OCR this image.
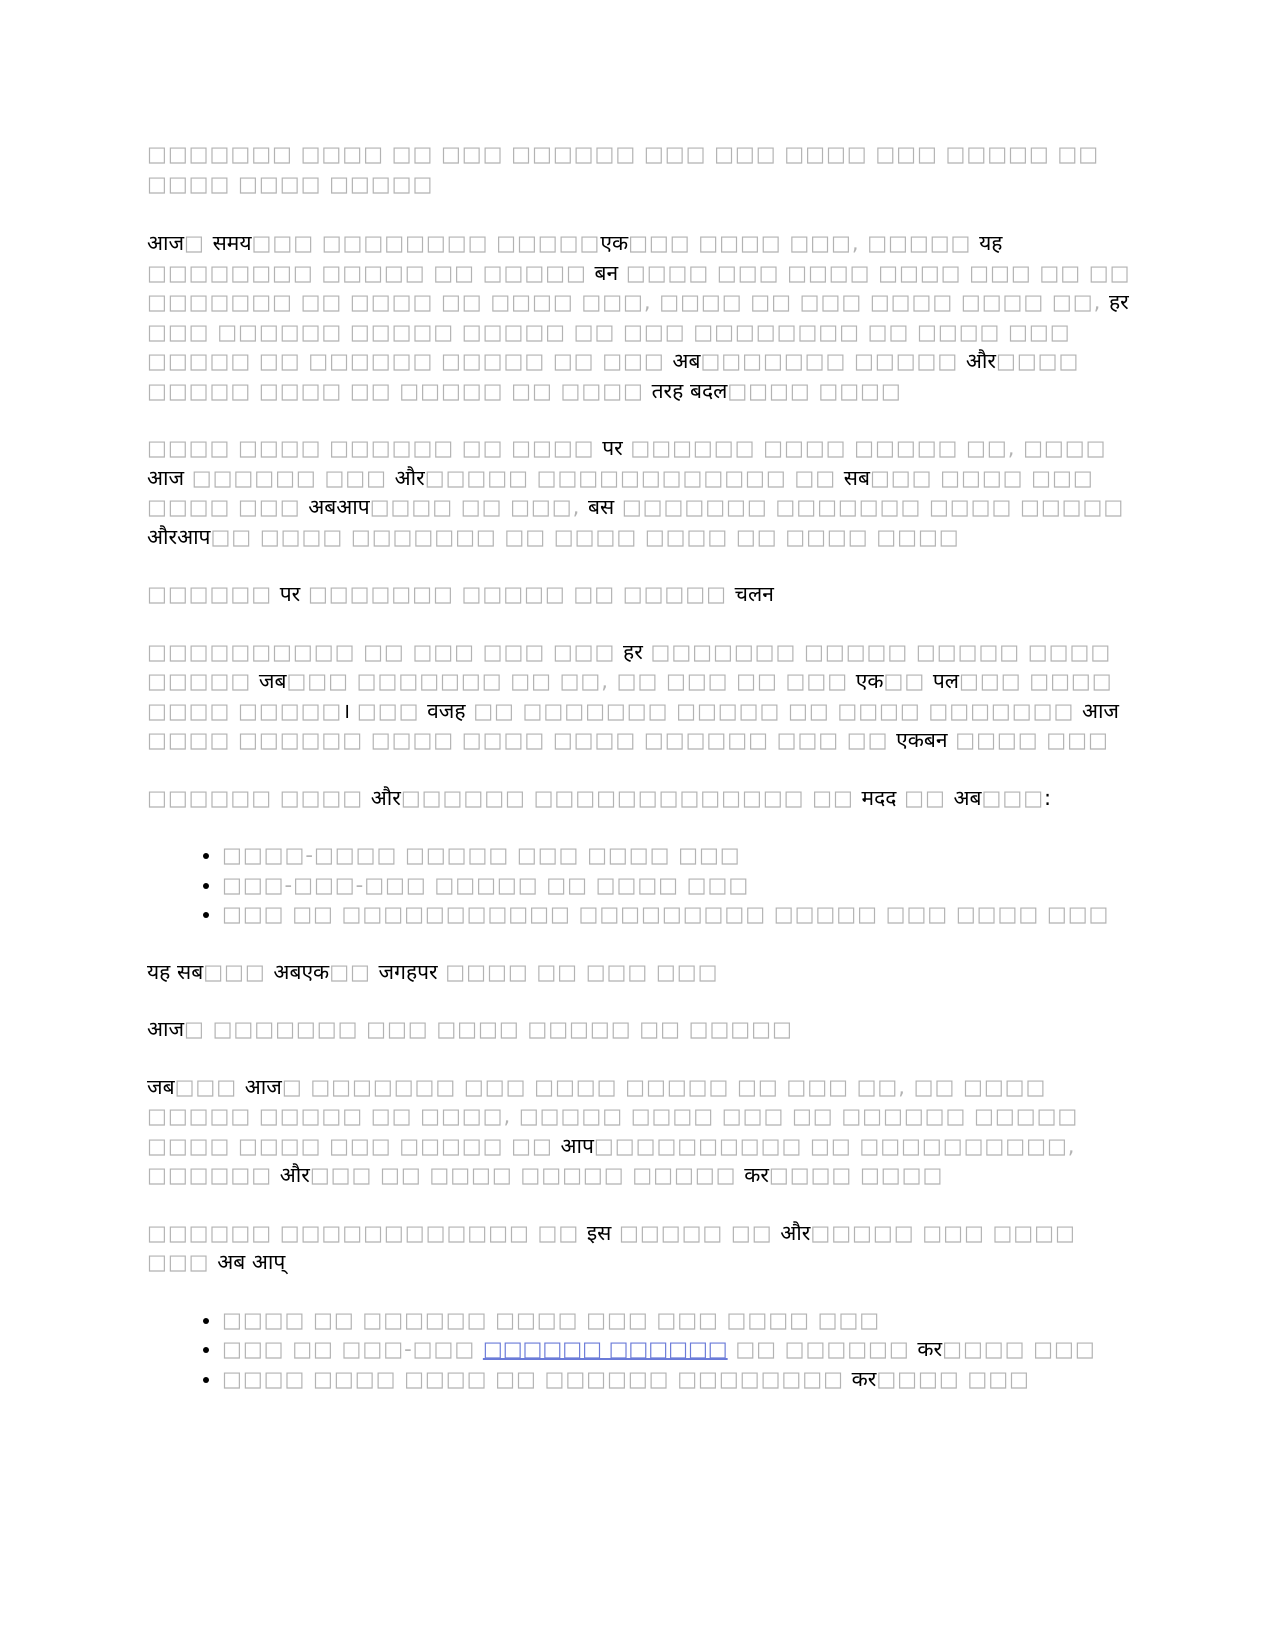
□□□□□□□ □□□□ □□ □□□ □□□□□□ □□□ □□□ □□□□ □□□ □□□□□ □□ □□□□ □□□□ □□□□□

आज□ समय□□□ □□□□□□□□ □□□□□एक□□□ □□□□ □□□, □□□□□ यह □□□□□□□□ □□□□□ □□ □□□□□ बन □□□□ □□□ □□□□ □□□□ □□□ □□ □□ □□□□□□□ □□ □□□□ □□ □□□□ □□□, □□□□ □□ □□□ □□□□ □□□□ □□, हर □□□ □□□□□□ □□□□□ □□□□□ □□ □□□ □□□□□□□□ □□ □□□□ □□□ □□□□□ □□ □□□□□□ □□□□□ □□ □□□ अब□□□□□□□ □□□□□ और□□□□ □□□□□ □□□□ □□ □□□□□ □□ □□□□ तरह बदल□□□□ □□□□

□□□□ □□□□ □□□□□□ □□ □□□□ पर □□□□□□ □□□□ □□□□□ □□, □□□□ आज □□□□□□ □□□ और□□□□□ □□□□□□□□□□□□ □□ सब□□□ □□□□ □□□ □□□□ □□□ अबआप□□□□ □□ □□□, बस □□□□□□□ □□□□□□□ □□□□ □□□□□ औरआप□□ □□□□ □□□□□□□ □□ □□□□ □□□□ □□ □□□□ □□□□

□□□□□□ पर □□□□□□□ □□□□□ □□ □□□□□ चलन

□□□□□□□□□□ □□ □□□ □□□ □□□ हर □□□□□□□ □□□□□ □□□□□ □□□□ □□□□□ जब□□□ □□□□□□□ □□ □□, □□ □□□ □□ □□□ एक□□ पल□□□ □□□□ □□□□ □□□□□। □□□ वजह □□ □□□□□□□ □□□□□ □□ □□□□ □□□□□□□ आज □□□□ □□□□□□ □□□□ □□□□ □□□□ □□□□□□ □□□ □□ एकबन □□□□ □□□

□□□□□□ □□□□ और□□□□□□ □□□□□□□□□□□□□ □□ मदद □□ अब□□□:

• □□□□-□□□□ □□□□□ □□□ □□□□ □□□
• □□□-□□□-□□□ □□□□□ □□ □□□□ □□□
• □□□ □□ □□□□□□□□□□□ □□□□□□□□□ □□□□□ □□□ □□□□ □□□

यह सब□□□ अबएक□□ जगहपर □□□□ □□ □□□ □□□

आज□ □□□□□□□ □□□ □□□□ □□□□□ □□ □□□□□

जब□□□ आज□ □□□□□□□ □□□ □□□□ □□□□□ □□ □□□ □□, □□ □□□□ □□□□□ □□□□□ □□ □□□□, □□□□□ □□□□ □□□ □□ □□□□□□ □□□□□ □□□□ □□□□ □□□ □□□□□ □□ आप□□□□□□□□□□ □□ □□□□□□□□□□, □□□□□□ और□□□ □□ □□□□ □□□□□ □□□□□ कर□□□□ □□□□

□□□□□□ □□□□□□□□□□□□ □□ इस □□□□□ □□ और□□□□□ □□□ □□□□ □□□ अब आप्

• □□□□ □□ □□□□□□ □□□□ □□□ □□□ □□□□ □□□
• □□□ □□ □□□-□□□ □□□□□□ □□□□□□ □□ □□□□□□ कर□□□□ □□□
• □□□□ □□□□ □□□□ □□ □□□□□□ □□□□□□□□ कर□□□□ □□□
